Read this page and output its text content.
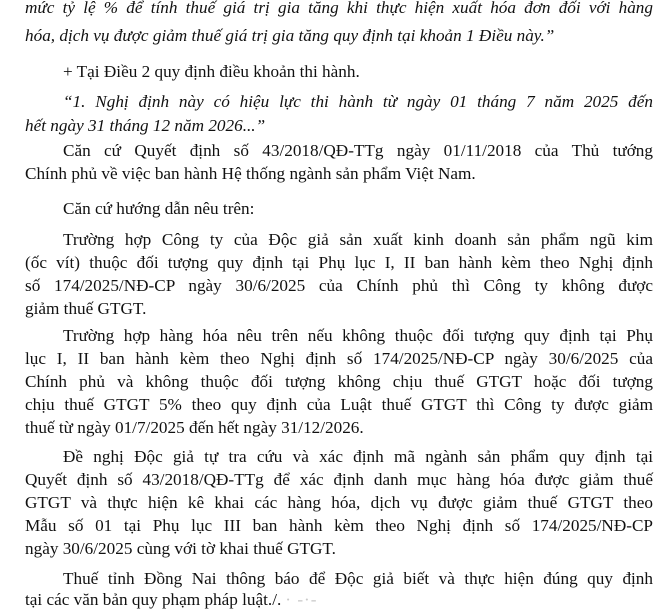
mức tỷ lệ % để tính thuế giá trị gia tăng khi thực hiện xuất hóa đơn đối với hàng
hóa, dịch vụ được giảm thuế giá trị gia tăng quy định tại khoản 1 Điều này.”
+ Tại Điều 2 quy định điều khoản thi hành.
“1. Nghị định này có hiệu lực thi hành từ ngày 01 tháng 7 năm 2025 đến
hết ngày 31 tháng 12 năm 2026...”
Căn cứ Quyết định số 43/2018/QĐ-TTg ngày 01/11/2018 của Thủ tướng
Chính phủ về việc ban hành Hệ thống ngành sản phẩm Việt Nam.
Căn cứ hướng dẫn nêu trên:
Trường hợp Công ty của Độc giả sản xuất kinh doanh sản phẩm ngũ kim
(ốc vít) thuộc đối tượng quy định tại Phụ lục I, II ban hành kèm theo Nghị định
số 174/2025/NĐ-CP ngày 30/6/2025 của Chính phủ thì Công ty không được
giảm thuế GTGT.
Trường hợp hàng hóa nêu trên nếu không thuộc đối tượng quy định tại Phụ
lục I, II ban hành kèm theo Nghị định số 174/2025/NĐ-CP ngày 30/6/2025 của
Chính phủ và không thuộc đối tượng không chịu thuế GTGT hoặc đối tượng
chịu thuế GTGT 5% theo quy định của Luật thuế GTGT thì Công ty được giảm
thuế từ ngày 01/7/2025 đến hết ngày 31/12/2026.
Đề nghị Độc giả tự tra cứu và xác định mã ngành sản phẩm quy định tại
Quyết định số 43/2018/QĐ-TTg để xác định danh mục hàng hóa được giảm thuế
GTGT và thực hiện kê khai các hàng hóa, dịch vụ được giảm thuế GTGT theo
Mẫu số 01 tại Phụ lục III ban hành kèm theo Nghị định số 174/2025/NĐ-CP
ngày 30/6/2025 cùng với tờ khai thuế GTGT.
Thuế tỉnh Đồng Nai thông báo để Độc giả biết và thực hiện đúng quy định
tại các văn bản quy phạm pháp luật./. · -·-
